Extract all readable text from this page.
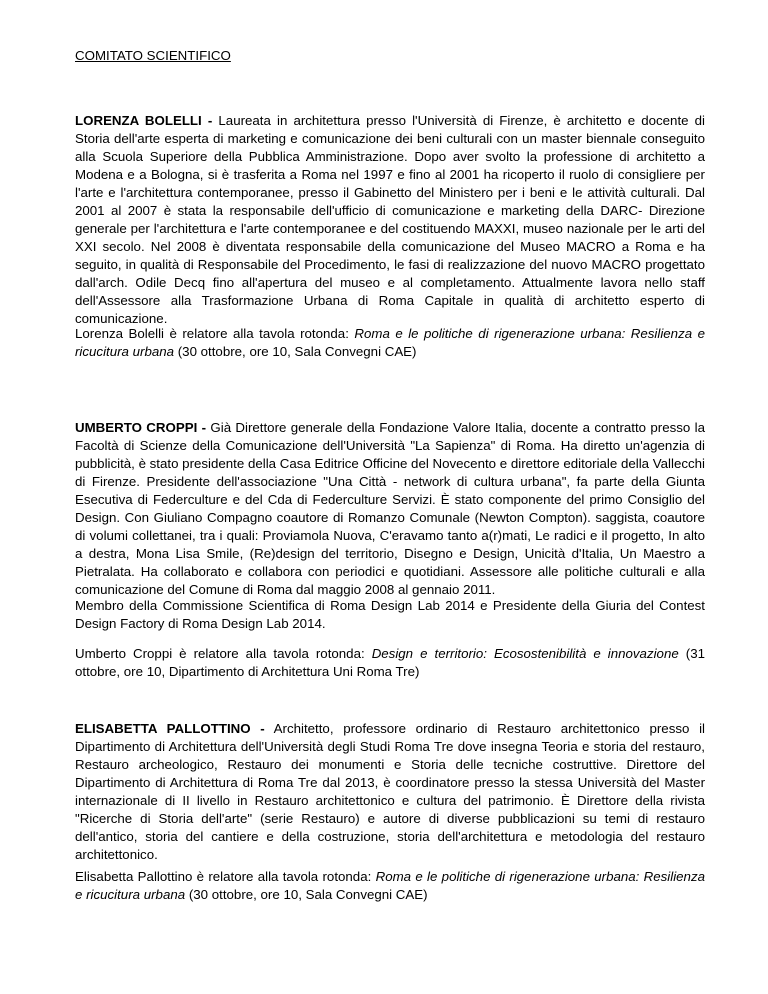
COMITATO SCIENTIFICO

LORENZA BOLELLI - Laureata in architettura presso l'Università di Firenze, è architetto e docente di Storia dell'arte esperta di marketing e comunicazione dei beni culturali con un master biennale conseguito alla Scuola Superiore della Pubblica Amministrazione. Dopo aver svolto la professione di architetto a Modena e a Bologna, si è trasferita a Roma nel 1997 e fino al 2001 ha ricoperto il ruolo di consigliere per l'arte e l'architettura contemporanee, presso il Gabinetto del Ministero per i beni e le attività culturali. Dal 2001 al 2007 è stata la responsabile dell'ufficio di comunicazione e marketing della DARC- Direzione generale per l'architettura e l'arte contemporanee e del costituendo MAXXI, museo nazionale per le arti del XXI secolo. Nel 2008 è diventata responsabile della comunicazione del Museo MACRO a Roma e ha seguito, in qualità di Responsabile del Procedimento, le fasi di realizzazione del nuovo MACRO progettato dall'arch. Odile Decq fino all'apertura del museo e al completamento. Attualmente lavora nello staff dell'Assessore alla Trasformazione Urbana di Roma Capitale in qualità di architetto esperto di comunicazione.

Lorenza Bolelli è relatore alla tavola rotonda: Roma e le politiche di rigenerazione urbana: Resilienza e ricucitura urbana (30 ottobre, ore 10, Sala Convegni CAE)

UMBERTO CROPPI - Già Direttore generale della Fondazione Valore Italia, docente a contratto presso la Facoltà di Scienze della Comunicazione dell'Università "La Sapienza" di Roma. Ha diretto un'agenzia di pubblicità, è stato presidente della Casa Editrice Officine del Novecento e direttore editoriale della Vallecchi di Firenze. Presidente dell'associazione "Una Città - network di cultura urbana", fa parte della Giunta Esecutiva di Federculture e del Cda di Federculture Servizi. È stato componente del primo Consiglio del Design. Con Giuliano Compagno coautore di Romanzo Comunale (Newton Compton). saggista, coautore di volumi collettanei, tra i quali: Proviamola Nuova, C'eravamo tanto a(r)mati, Le radici e il progetto, In alto a destra, Mona Lisa Smile, (Re)design del territorio, Disegno e Design, Unicità d'Italia, Un Maestro a Pietralata. Ha collaborato e collabora con periodici e quotidiani. Assessore alle politiche culturali e alla comunicazione del Comune di Roma dal maggio 2008 al gennaio 2011.

Membro della Commissione Scientifica di Roma Design Lab 2014 e Presidente della Giuria del Contest Design Factory di Roma Design Lab 2014.

Umberto Croppi è relatore alla tavola rotonda: Design e territorio: Ecosostenibilità e innovazione (31 ottobre, ore 10, Dipartimento di Architettura Uni Roma Tre)

ELISABETTA PALLOTTINO - Architetto, professore ordinario di Restauro architettonico presso il Dipartimento di Architettura dell'Università degli Studi Roma Tre dove insegna Teoria e storia del restauro, Restauro archeologico, Restauro dei monumenti e Storia delle tecniche costruttive. Direttore del Dipartimento di Architettura di Roma Tre dal 2013, è coordinatore presso la stessa Università del Master internazionale di II livello in Restauro architettonico e cultura del patrimonio. È Direttore della rivista "Ricerche di Storia dell'arte" (serie Restauro) e autore di diverse pubblicazioni su temi di restauro dell'antico, storia del cantiere e della costruzione, storia dell'architettura e metodologia del restauro architettonico.

Elisabetta Pallottino è relatore alla tavola rotonda: Roma e le politiche di rigenerazione urbana: Resilienza e ricucitura urbana (30 ottobre, ore 10, Sala Convegni CAE)
